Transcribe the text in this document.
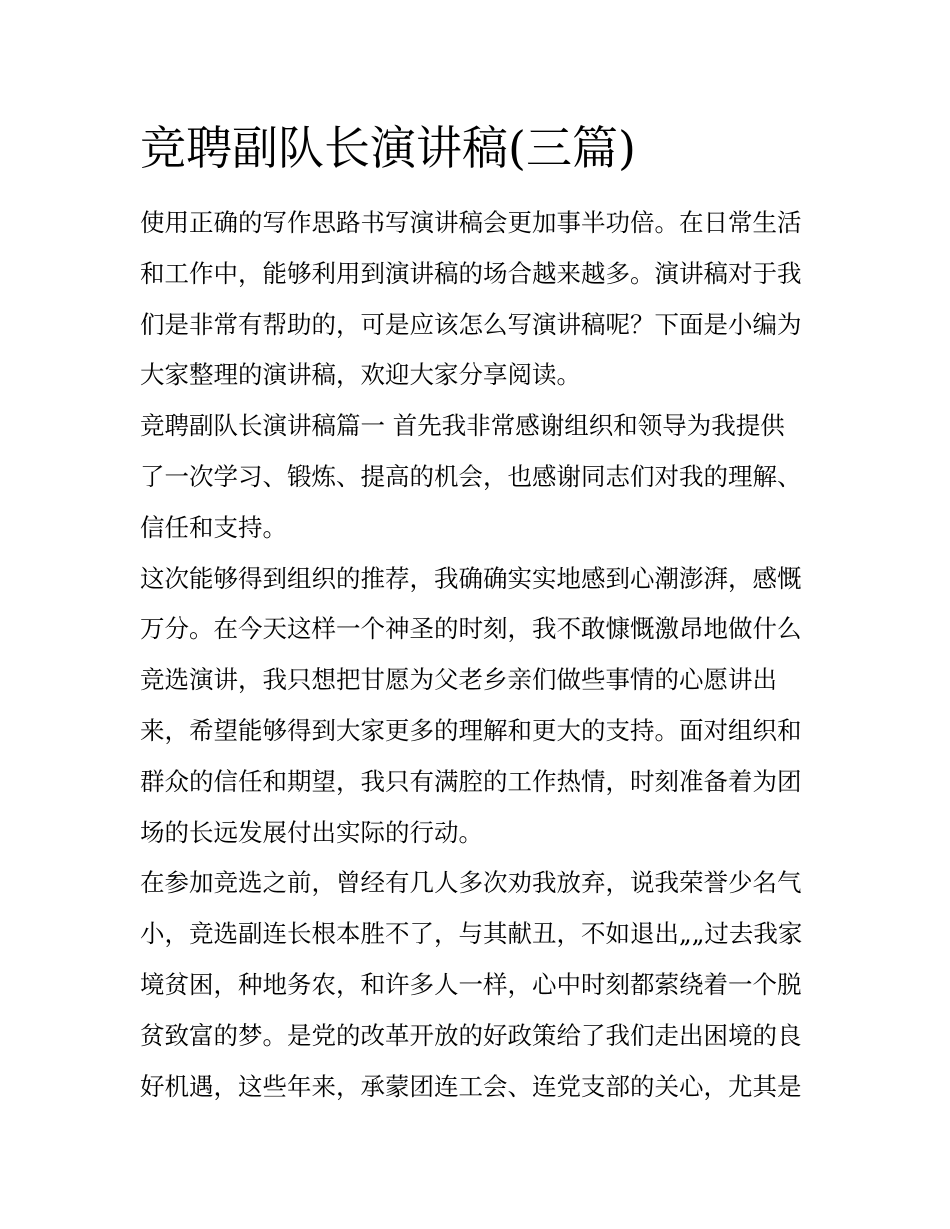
竞聘副队长演讲稿(三篇)
使用正确的写作思路书写演讲稿会更加事半功倍。在日常生活
和工作中，能够利用到演讲稿的场合越来越多。演讲稿对于我
们是非常有帮助的，可是应该怎么写演讲稿呢？下面是小编为
大家整理的演讲稿，欢迎大家分享阅读。
竞聘副队长演讲稿篇一 首先我非常感谢组织和领导为我提供
了一次学习、锻炼、提高的机会，也感谢同志们对我的理解、
信任和支持。
这次能够得到组织的推荐，我确确实实地感到心潮澎湃，感慨
万分。在今天这样一个神圣的时刻，我不敢慷慨激昂地做什么
竞选演讲，我只想把甘愿为父老乡亲们做些事情的心愿讲出
来，希望能够得到大家更多的理解和更大的支持。面对组织和
群众的信任和期望，我只有满腔的工作热情，时刻准备着为团
场的长远发展付出实际的行动。
在参加竞选之前，曾经有几人多次劝我放弃，说我荣誉少名气
小，竞选副连长根本胜不了，与其献丑，不如退出„„过去我家
境贫困，种地务农，和许多人一样，心中时刻都萦绕着一个脱
贫致富的梦。是党的改革开放的好政策给了我们走出困境的良
好机遇，这些年来，承蒙团连工会、连党支部的关心，尤其是
